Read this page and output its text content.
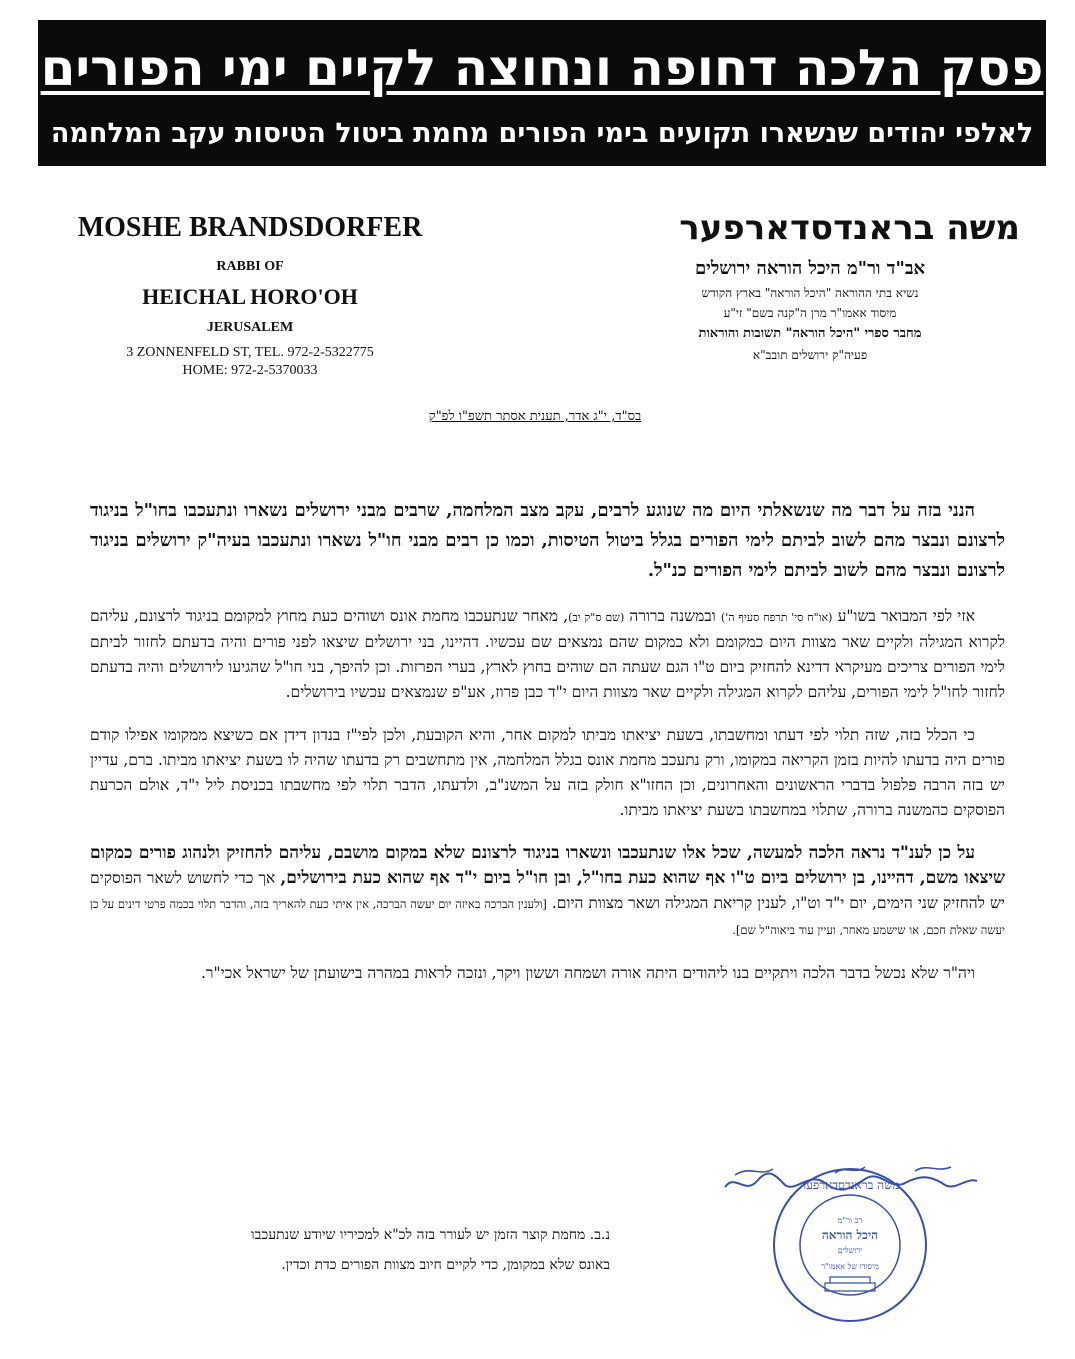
פסק הלכה דחופה ונחוצה לקיים ימי הפורים
לאלפי יהודים שנשארו תקועים בימי הפורים מחמת ביטול הטיסות עקב המלחמה
MOSHE BRANDSDORFER
RABBI OF
HEICHAL HORO'OH
JERUSALEM
3 ZONNENFELD ST, TEL. 972-2-5322775
HOME: 972-2-5370033
משה בראנדסדארפער
אב"ד ור"מ היכל הוראה ירושלים
נשיא בתי ההוראה "היכל הוראה" בארץ הקודש
מיסוד אאמו"ר מרן ה"קנה בשם" זי"ע
מחבר ספרי "היכל הוראה" תשובות והוראות
פעיה"ק ירושלים תובב"א
בס"ד, י"ג אדר, תענית אסתר תשפ"ו לפ"ק

הנני בזה על דבר מה שנשאלתי היום מה שנוגע לרבים, עקב מצב המלחמה, שרבים מבני ירושלים נשארו ונתעכבו בחו"ל בניגוד לרצונם ונבצר מהם לשוב לביתם לימי הפורים בגלל ביטול הטיסות, וכמו כן רבים מבני חו"ל נשארו ונתעכבו בעיה"ק ירושלים בניגוד לרצונם ונבצר מהם לשוב לביתם לימי הפורים כנ"ל.

אזי לפי המבואר בשו"ע (או"ח סי' תרפח סעיף ה') ובמשנה ברורה (שם ס"ק יב), מאחר שנתעכבו מחמת אונס ושוהים כעת מחוץ למקומם בניגוד לרצונם, עליהם לקרוא המגילה ולקיים שאר מצוות היום כמקומם ולא כמקום שהם נמצאים שם עכשיו. דהיינו, בני ירושלים שיצאו לפני פורים והיה בדעתם לחזור לביתם לימי הפורים צריכים מעיקרא דדינא להחזיק ביום ט"ו הגם שעתה הם שוהים בחוץ לארץ, בערי הפרזות. וכן להיפך, בני חו"ל שהגיעו לירושלים והיה בדעתם לחזור לחו"ל לימי הפורים, עליהם לקרוא המגילה ולקיים שאר מצוות היום י"ד כבן פרוז, אע"פ שנמצאים עכשיו בירושלים.

כי הכלל בזה, שזה תלוי לפי דעתו ומחשבתו, בשעת יציאתו מביתו למקום אחר, והיא הקובעת, ולכן לפי"ז בנדון דידן אם כשיצא ממקומו אפילו קודם פורים היה בדעתו להיות בזמן הקריאה במקומו, ורק נתעכב מחמת אונס בגלל המלחמה, אין מתחשבים רק בדעתו שהיה לו בשעת יציאתו מביתו. ברם, עדיין יש בזה הרבה פלפול בדברי הראשונים והאחרונים, וכן החזו"א חולק בזה על המשנ"ב, ולדעתו, הדבר תלוי לפי מחשבתו בכניסת ליל י"ד, אולם הכרעת הפוסקים כהמשנה ברורה, שתלוי במחשבתו בשעת יציאתו מביתו.

על כן לענ"ד נראה הלכה למעשה, שכל אלו שנתעכבו ונשארו בניגוד לרצונם שלא במקום מושבם, עליהם להחזיק ולנהוג פורים כמקום שיצאו משם, דהיינו, בן ירושלים ביום ט"ו אף שהוא כעת בחו"ל, ובן חו"ל ביום י"ד אף שהוא כעת בירושלים, אך כדי לחשוש לשאר הפוסקים יש להחזיק שני הימים, יום י"ד וט"ו, לענין קריאת המגילה ושאר מצוות היום. [ולענין הברכה באיזה יום יעשה הברכה, אין איתי כעת להאריך בזה, והדבר תלוי בכמה פרטי דינים על כן יעשה שאלת חכם, או שישמע מאחר, ועיין עוד ביאוה"ל שם].

ויה"ר שלא נכשל בדבר הלכה ויתקיים בנו ליהודים היתה אורה ושמחה וששון ויקר, ונזכה לראות במהרה בישועתן של ישראל אכי"ר.

משה בראנדסדארפער
רב ור"מ
היכל הוראה
ירושלים
מיסודו של אאמו"ר
נ.ב. מחמת קוצר הזמן יש לעורר בזה לכ"א למכיריו שיודע שנתעכבו
באונס שלא במקומן, כדי לקיים חיוב מצוות הפורים כדת וכדין.
